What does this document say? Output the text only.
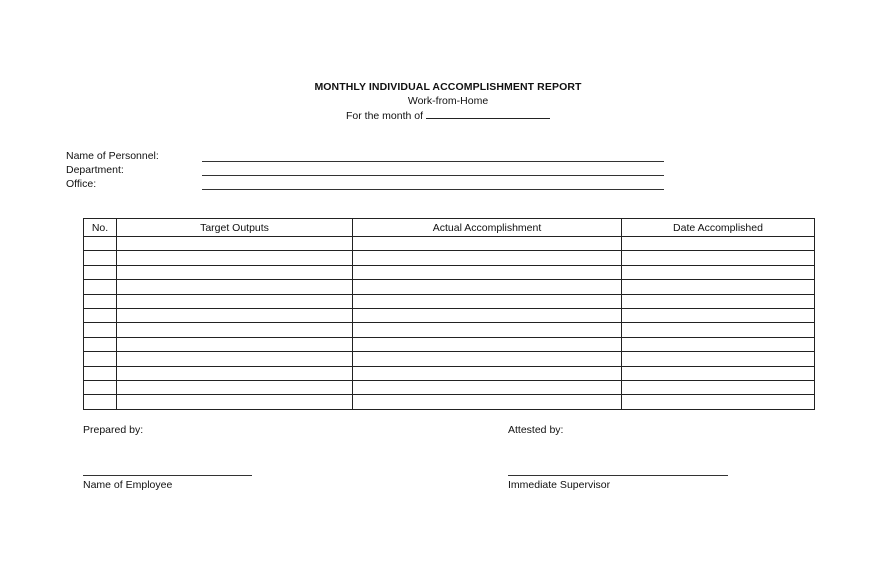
MONTHLY INDIVIDUAL ACCOMPLISHMENT REPORT
Work-from-Home
For the month of
Name of Personnel:
Department:
Office:
No.	Target Outputs	Actual Accomplishment	Date Accomplished

Prepared by:
Name of Employee
Attested by:
Immediate Supervisor
